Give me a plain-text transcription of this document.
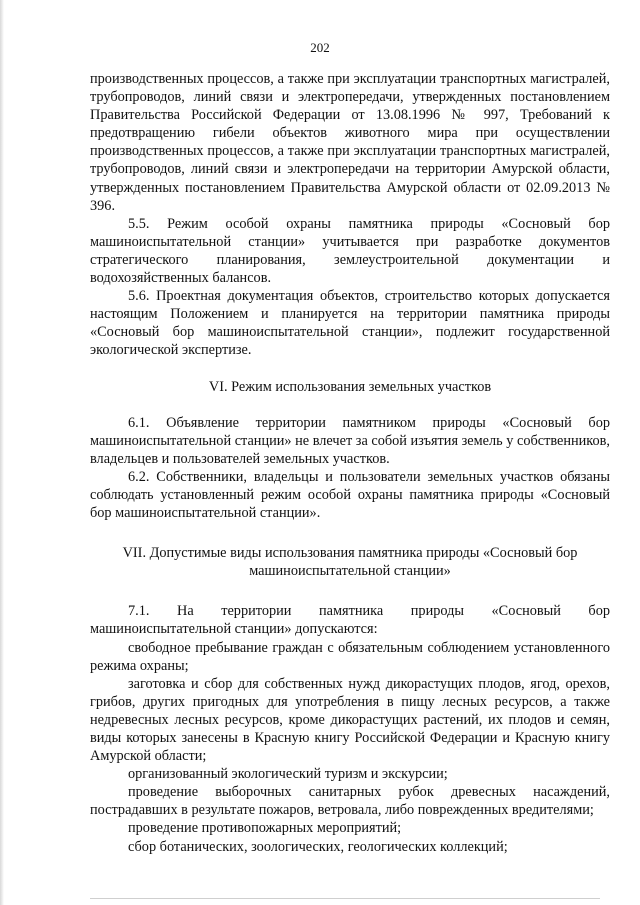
202

производственных процессов, а также при эксплуатации транспортных магистралей, трубопроводов, линий связи и электропередачи, утвержденных постановлением Правительства Российской Федерации от 13.08.1996 № 997, Требований к предотвращению гибели объектов животного мира при осуществлении производственных процессов, а также при эксплуатации транспортных магистралей, трубопроводов, линий связи и электропередачи на территории Амурской области, утвержденных постановлением Правительства Амурской области от 02.09.2013 № 396.

5.5. Режим особой охраны памятника природы «Сосновый бор машиноиспытательной станции» учитывается при разработке документов стратегического планирования, землеустроительной документации и водохозяйственных балансов.

5.6. Проектная документация объектов, строительство которых допускается настоящим Положением и планируется на территории памятника природы «Сосновый бор машиноиспытательной станции», подлежит государственной экологической экспертизе.

VI. Режим использования земельных участков

6.1. Объявление территории памятником природы «Сосновый бор машиноиспытательной станции» не влечет за собой изъятия земель у собственников, владельцев и пользователей земельных участков.

6.2. Собственники, владельцы и пользователи земельных участков обязаны соблюдать установленный режим особой охраны памятника природы «Сосновый бор машиноиспытательной станции».

VII. Допустимые виды использования памятника природы «Сосновый бор

машиноиспытательной станции»

7.1. На территории памятника природы «Сосновый бор машиноиспытательной станции» допускаются:

свободное пребывание граждан с обязательным соблюдением установленного режима охраны;

заготовка и сбор для собственных нужд дикорастущих плодов, ягод, орехов, грибов, других пригодных для употребления в пищу лесных ресурсов, а также недревесных лесных ресурсов, кроме дикорастущих растений, их плодов и семян, виды которых занесены в Красную книгу Российской Федерации и Красную книгу Амурской области;

организованный экологический туризм и экскурсии;

проведение выборочных санитарных рубок древесных насаждений, пострадавших в результате пожаров, ветровала, либо поврежденных вредителями;

проведение противопожарных мероприятий;

сбор ботанических, зоологических, геологических коллекций;
